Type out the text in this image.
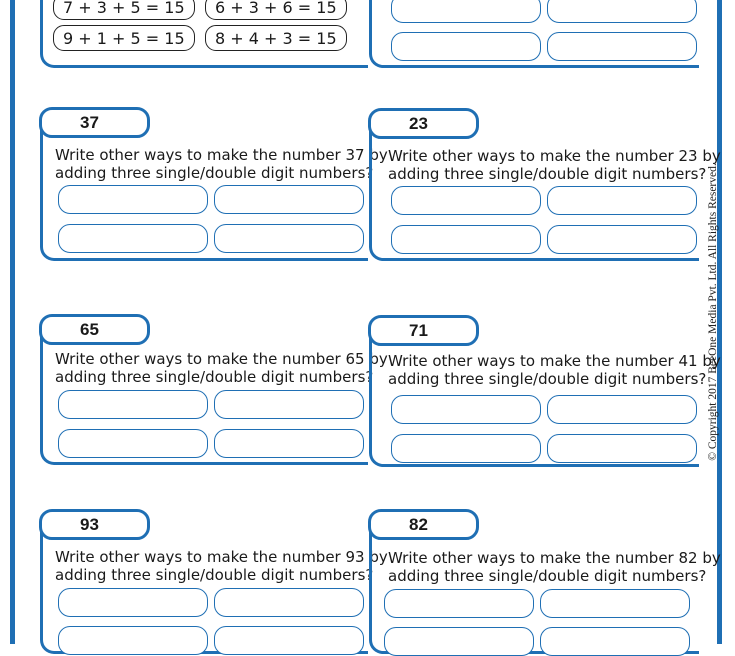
7 + 3 + 5 = 15	6 + 3 + 6 = 15
9 + 1 + 5 = 15	8 + 4 + 3 = 15
37
Write other ways to make the number 37 by
adding three single/double digit numbers?
23
Write other ways to make the number 23 by
adding three single/double digit numbers?
65
Write other ways to make the number 65 by
adding three single/double digit numbers?
71
Write other ways to make the number 41 by
adding three single/double digit numbers?
93
Write other ways to make the number 93 by
adding three single/double digit numbers?
82
Write other ways to make the number 82 by
adding three single/double digit numbers?
© Copyright 2017 BeeOne Media Pvt. Ltd. All Rights Reserved.
